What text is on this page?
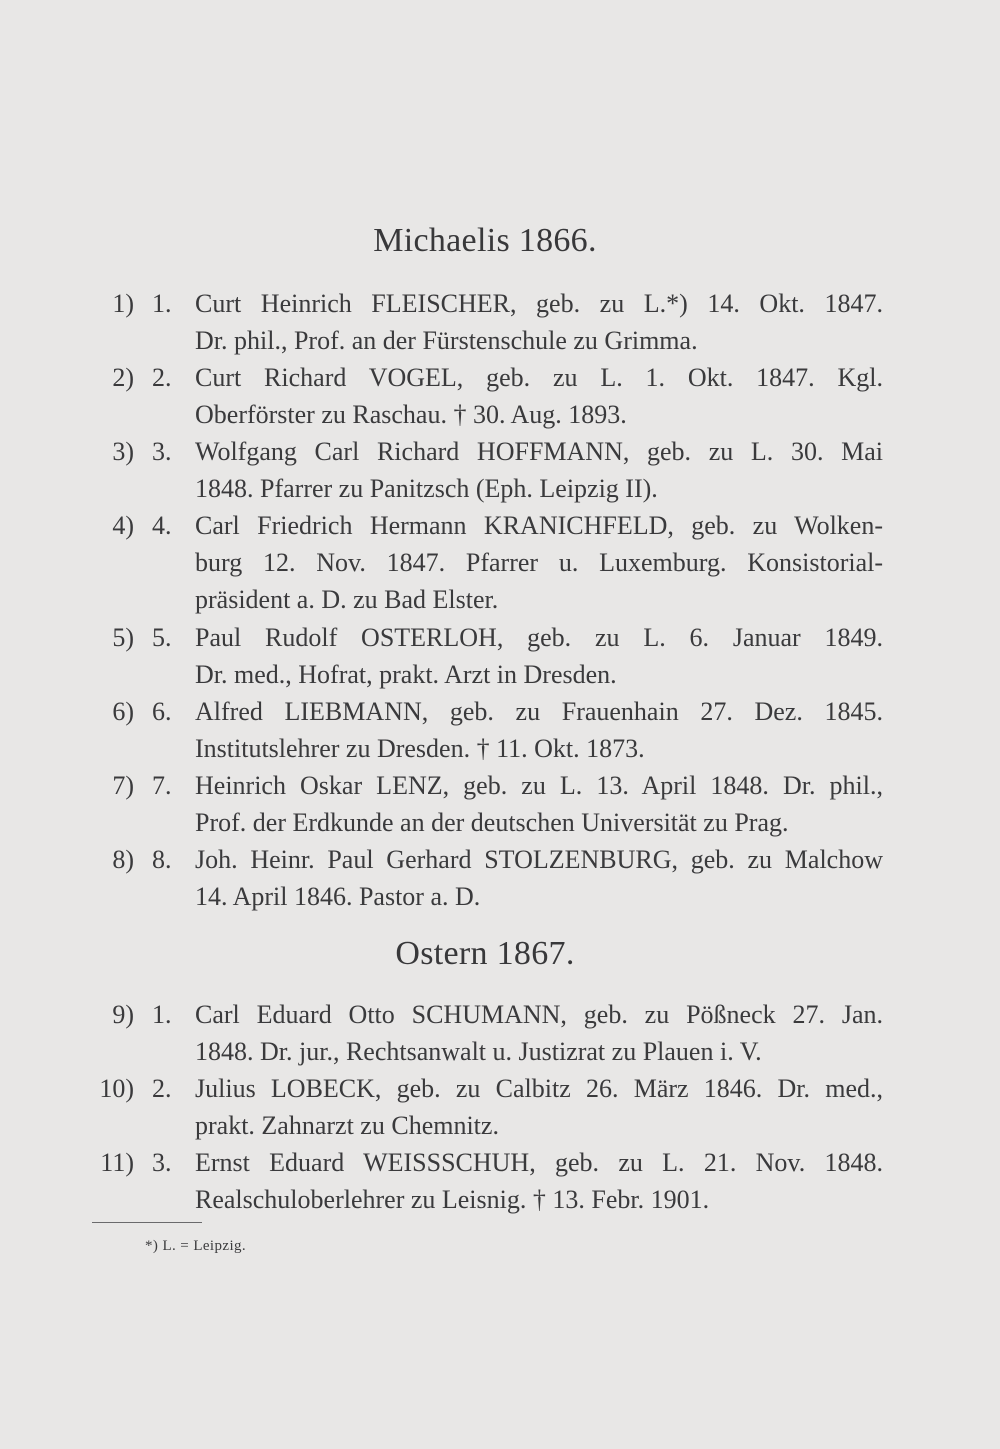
Michaelis 1866.
1) 1. Curt Heinrich FLEISCHER, geb. zu L.*) 14. Okt. 1847.
Dr. phil., Prof. an der Fürstenschule zu Grimma.
2) 2. Curt Richard VOGEL, geb. zu L. 1. Okt. 1847. Kgl.
Oberförster zu Raschau. † 30. Aug. 1893.
3) 3. Wolfgang Carl Richard HOFFMANN, geb. zu L. 30. Mai
1848. Pfarrer zu Panitzsch (Eph. Leipzig II).
4) 4. Carl Friedrich Hermann KRANICHFELD, geb. zu Wolken-
burg 12. Nov. 1847. Pfarrer u. Luxemburg. Konsistorial-
präsident a. D. zu Bad Elster.
5) 5. Paul Rudolf OSTERLOH, geb. zu L. 6. Januar 1849.
Dr. med., Hofrat, prakt. Arzt in Dresden.
6) 6. Alfred LIEBMANN, geb. zu Frauenhain 27. Dez. 1845.
Institutslehrer zu Dresden. † 11. Okt. 1873.
7) 7. Heinrich Oskar LENZ, geb. zu L. 13. April 1848. Dr. phil.,
Prof. der Erdkunde an der deutschen Universität zu Prag.
8) 8. Joh. Heinr. Paul Gerhard STOLZENBURG, geb. zu Malchow
14. April 1846. Pastor a. D.
Ostern 1867.
9) 1. Carl Eduard Otto SCHUMANN, geb. zu Pößneck 27. Jan.
1848. Dr. jur., Rechtsanwalt u. Justizrat zu Plauen i. V.
10) 2. Julius LOBECK, geb. zu Calbitz 26. März 1846. Dr. med.,
prakt. Zahnarzt zu Chemnitz.
11) 3. Ernst Eduard WEISSSCHUH, geb. zu L. 21. Nov. 1848.
Realschuloberlehrer zu Leisnig. † 13. Febr. 1901.
*) L. = Leipzig.
